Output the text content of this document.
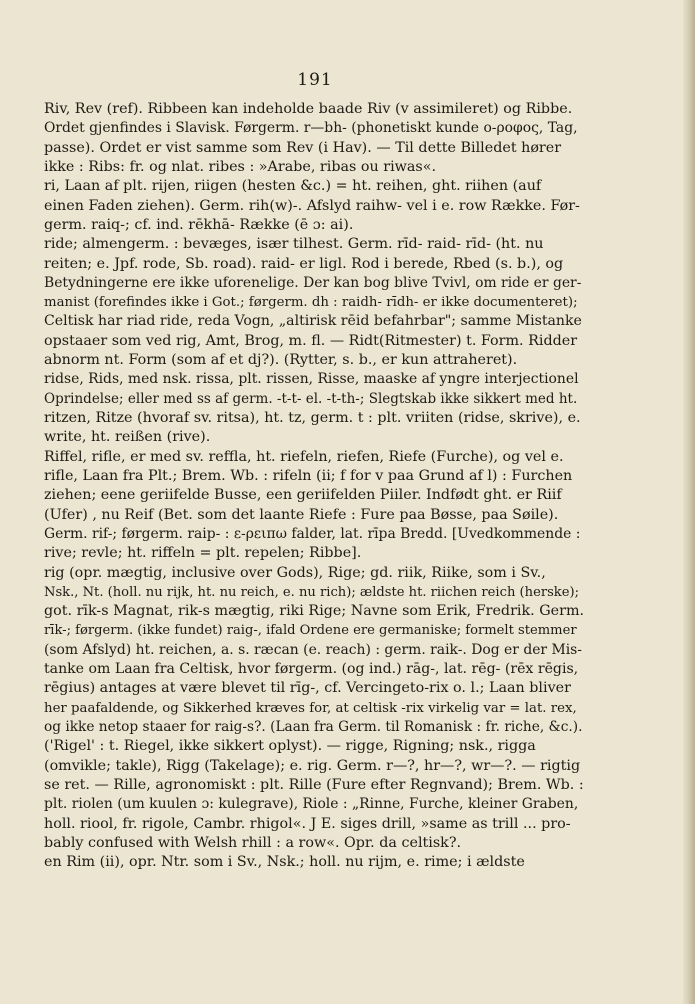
191
Riv, Rev (ref). Ribbeen kan indeholde baade Riv (v assimileret) og Ribbe.
Ordet gjenfindes i Slavisk. Førgerm. r—bh- (phonetiskt kunde ο-ροφος, Tag,
passe). Ordet er vist samme som Rev (i Hav). — Til dette Billedet hører
ikke : Ribs: fr. og nlat. ribes : »Arabe, ribas ou riwas«.
ri, Laan af plt. rijen, riigen (hesten &c.) = ht. reihen, ght. riihen (auf
einen Faden ziehen). Germ. rih(w)-. Afslyd raihw- vel i e. row Række. Før-
germ. raiq-; cf. ind. rēkhā- Række (ē ɔ: ai).
ride; almengerm. : bevæges, især tilhest. Germ. rīd- raid- rīd- (ht. nu
reiten; e. Jpf. rode, Sb. road). raid- er ligl. Rod i berede, Rbed (s. b.), og
Betydningerne ere ikke uforenelige. Der kan bog blive Tvivl, om ride er ger-
manist (forefindes ikke i Got.; førgerm. dh : raidh- rīdh- er ikke documenteret);
Celtisk har riad ride, reda Vogn, „altirisk rēid befahrbar"; samme Mistanke
opstaaer som ved rig, Amt, Brog, m. fl. — Ridt(Ritmester) t. Form. Ridder
abnorm nt. Form (som af et dj?). (Rytter, s. b., er kun attraheret).
ridse, Rids, med nsk. rissa, plt. rissen, Risse, maaske af yngre interjectionel
Oprindelse; eller med ss af germ. -t-t- el. -t-th-; Slegtskab ikke sikkert med ht.
ritzen, Ritze (hvoraf sv. ritsa), ht. tz, germ. t : plt. vriiten (ridse, skrive), e.
write, ht. reißen (rive).
Riffel, rifle, er med sv. reffla, ht. riefeln, riefen, Riefe (Furche), og vel e.
rifle, Laan fra Plt.; Brem. Wb. : rifeln (ii; f for v paa Grund af l) : Furchen
ziehen; eene geriifelde Busse, een geriifelden Piiler. Indfødt ght. er Riif
(Ufer) , nu Reif (Bet. som det laante Riefe : Fure paa Bøsse, paa Søile).
Germ. rif-; førgerm. raip- : ε-ρειπω falder, lat. rīpa Bredd. [Uvedkommende :
rive; revle; ht. riffeln = plt. repelen; Ribbe].
rig (opr. mægtig, inclusive over Gods), Rige; gd. riik, Riike, som i Sv.,
Nsk., Nt. (holl. nu rijk, ht. nu reich, e. nu rich); ældste ht. riichen reich (herske);
got. rīk-s Magnat, rik-s mægtig, riki Rige; Navne som Erik, Fredrik. Germ.
rīk-; førgerm. (ikke fundet) raig-, ifald Ordene ere germaniske; formelt stemmer
(som Afslyd) ht. reichen, a. s. ræcan (e. reach) : germ. raik-. Dog er der Mis-
tanke om Laan fra Celtisk, hvor førgerm. (og ind.) rāg-, lat. rēg- (rēx rēgis,
rēgius) antages at være blevet til rīg-, cf. Vercingeto-rix o. l.; Laan bliver
her paafaldende, og Sikkerhed kræves for, at celtisk -rix virkelig var = lat. rex,
og ikke netop staaer for raig-s?. (Laan fra Germ. til Romanisk : fr. riche, &c.).
('Rigel' : t. Riegel, ikke sikkert oplyst). — rigge, Rigning; nsk., rigga
(omvikle; takle), Rigg (Takelage); e. rig. Germ. r—?, hr—?, wr—?. — rigtig
se ret. — Rille, agronomiskt : plt. Rille (Fure efter Regnvand); Brem. Wb. :
plt. riolen (um kuulen ɔ: kulegrave), Riole : „Rinne, Furche, kleiner Graben,
holl. riool, fr. rigole, Cambr. rhigol«. J E. siges drill, »same as trill ... pro-
bably confused with Welsh rhill : a row«. Opr. da celtisk?.
en Rim (ii), opr. Ntr. som i Sv., Nsk.; holl. nu rijm, e. rime; i ældste
